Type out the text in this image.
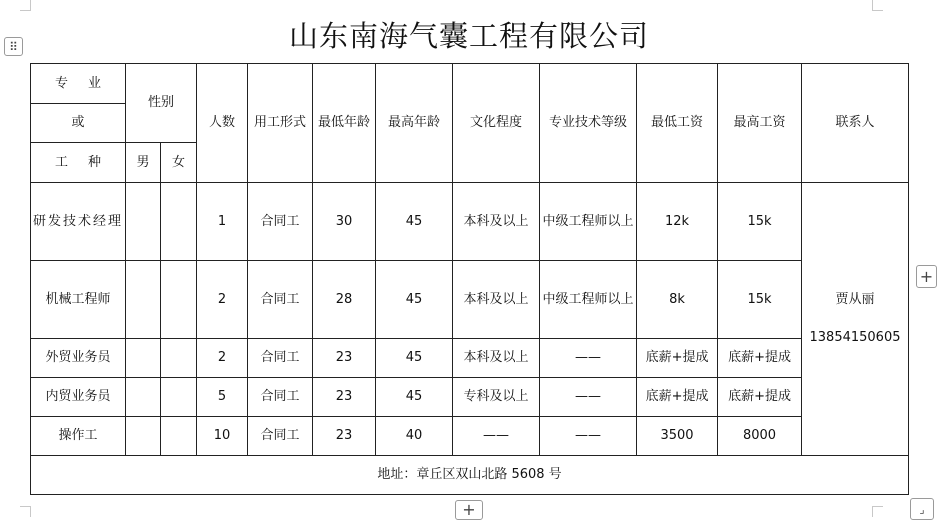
⠿
+
+	⌟
山东南海气囊工程有限公司
专 业	性别		人数	用工形式	最低年龄	最高年龄	文化程度	专业技术等级	最低工资	最高工资	联系人
或											

工 种	男	女									
研发技术经理			1	合同工	30	45	本科及以上	中级工程师以上	12k	15k	贾从丽
13854150605

机械工程师			2	合同工	28	45	本科及以上	中级工程师以上	8k	15k	
外贸业务员			2	合同工	23	45	本科及以上	——	底薪+提成	底薪+提成	
内贸业务员			5	合同工	23	45	专科及以上	——	底薪+提成	底薪+提成	
操作工			10	合同工	23	40	——	——	3500	8000	
地址：章丘区双山北路 5608 号											
